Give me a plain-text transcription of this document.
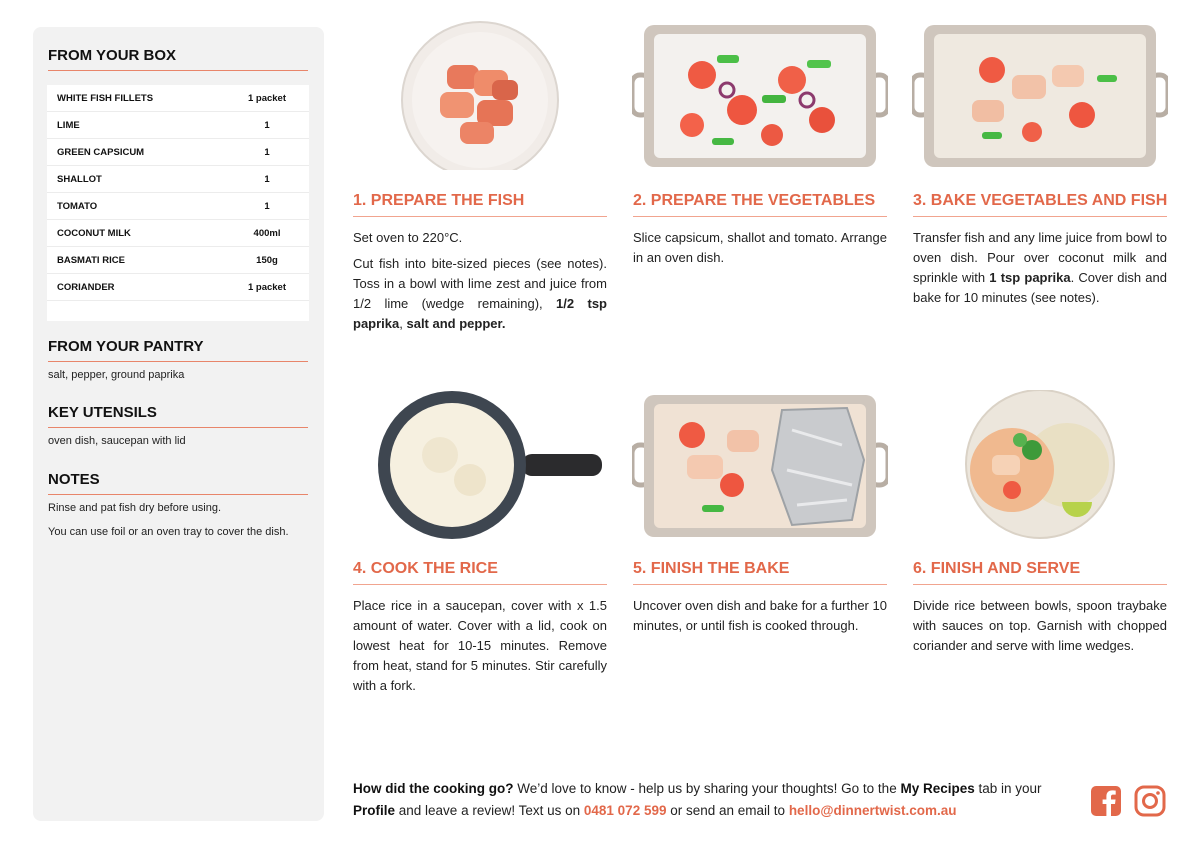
FROM YOUR BOX
WHITE FISH FILLETS	1 packet
LIME	1
GREEN CAPSICUM	1
SHALLOT	1
TOMATO	1
COCONUT MILK	400ml
BASMATI RICE	150g
CORIANDER	1 packet
FROM YOUR PANTRY
salt, pepper, ground paprika
KEY UTENSILS
oven dish, saucepan with lid
NOTES
Rinse and pat fish dry before using.
You can use foil or an oven tray to cover the dish.
1. PREPARE THE FISH

Set oven to 220°C.

Cut fish into bite-sized pieces (see notes). Toss in a bowl with lime zest and juice from 1/2 lime (wedge remaining), 1/2 tsp paprika, salt and pepper.

2. PREPARE THE VEGETABLES

Slice capsicum, shallot and tomato. Arrange in an oven dish.

3. BAKE VEGETABLES AND FISH

Transfer fish and any lime juice from bowl to oven dish. Pour over coconut milk and sprinkle with 1 tsp paprika. Cover dish and bake for 10 minutes (see notes).

4. COOK THE RICE

Place rice in a saucepan, cover with x 1.5 amount of water. Cover with a lid, cook on lowest heat for 10-15 minutes. Remove from heat, stand for 5 minutes. Stir carefully with a fork.

5. FINISH THE BAKE

Uncover oven dish and bake for a further 10 minutes, or until fish is cooked through.

6. FINISH AND SERVE

Divide rice between bowls, spoon traybake with sauces on top. Garnish with chopped coriander and serve with lime wedges.

How did the cooking go? We’d love to know - help us by sharing your thoughts! Go to the My Recipes tab in your Profile and leave a review! Text us on 0481 072 599 or send an email to hello@dinnertwist.com.au
